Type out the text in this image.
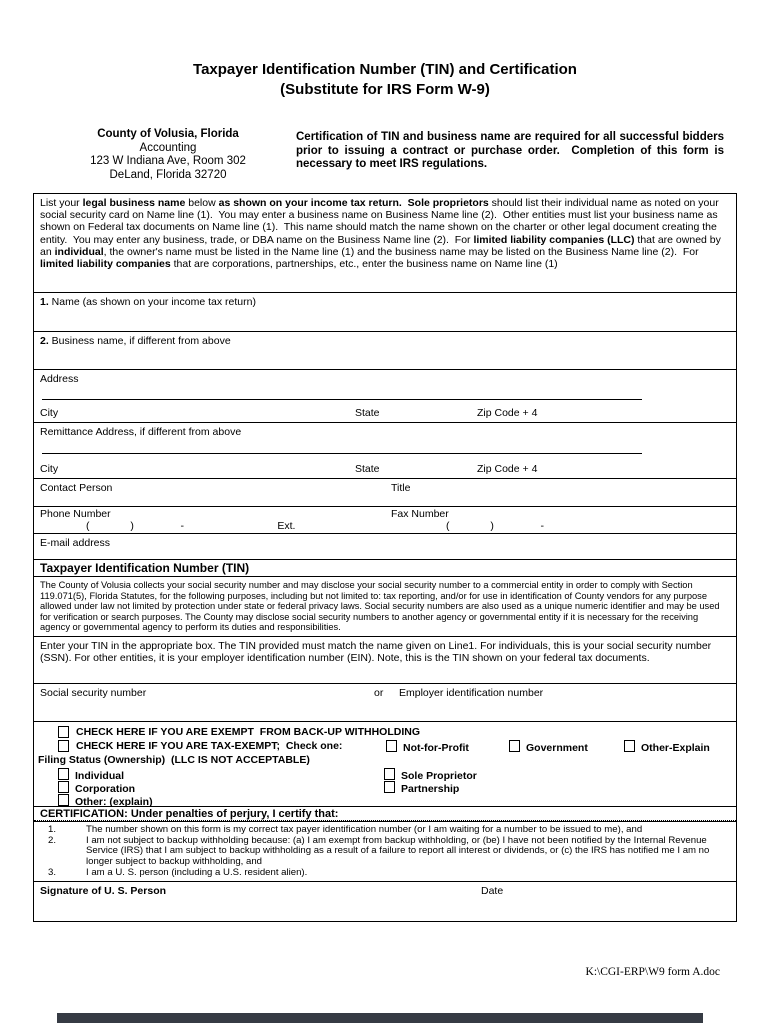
Taxpayer Identification Number (TIN) and Certification
(Substitute for IRS Form W-9)
County of Volusia, Florida
Accounting
123 W Indiana Ave, Room 302
DeLand, Florida 32720
Certification of TIN and business name are required for all successful bidders prior to issuing a contract or purchase order.  Completion of this form is necessary to meet IRS regulations.
List your legal business name below as shown on your income tax return.  Sole proprietors should list their individual name as noted on your social security card on Name line (1).  You may enter a business name on Business Name line (2).  Other entities must list your business name as shown on Federal tax documents on Name line (1).  This name should match the name shown on the charter or other legal document creating the entity.  You may enter any business, trade, or DBA name on the Business Name line (2).  For limited liability companies (LLC) that are owned by an individual, the owner's name must be listed in the Name line (1) and the business name may be listed on the Business Name line (2).  For limited liability companies that are corporations, partnerships, etc., enter the business name on Name line (1)
1. Name (as shown on your income tax return)
2. Business name, if different from above
Address
City	State	Zip Code + 4
Remittance Address, if different from above
City	State	Zip Code + 4
Contact Person	Title
Phone Number	Fax Number
(              )                -                                Ext.	(              )                -
E-mail address
Taxpayer Identification Number (TIN)
The County of Volusia collects your social security number and may disclose your social security number to a commercial entity in order to comply with Section 119.071(5), Florida Statutes, for the following purposes, including but not limited to: tax reporting, and/or for use in identification of County vendors for any purpose allowed under law not limited by protection under state or federal privacy laws. Social security numbers are also used as a unique numeric identifier and may be used for verification or search purposes. The County may disclose social security numbers to another agency or governmental entity if it is necessary for the receiving agency or governmental agency to perform its duties and responsibilities.
Enter your TIN in the appropriate box. The TIN provided must match the name given on Line1. For individuals, this is your social security number (SSN). For other entities, it is your employer identification number (EIN). Note, this is the TIN shown on your federal tax documents.
Social security number	or Employer identification number
CHECK HERE IF YOU ARE EXEMPT  FROM BACK-UP WITHHOLDING
CHECK HERE IF YOU ARE TAX-EXEMPT;  Check one:	Not-for-Profit	Government	Other-Explain
Filing Status (Ownership)  (LLC IS NOT ACCEPTABLE)
Individual	Sole Proprietor
Corporation	Partnership
Other: (explain)
CERTIFICATION: Under penalties of perjury, I certify that:
1.	The number shown on this form is my correct tax payer identification number (or I am waiting for a number to be issued to me), and
2.	I am not subject to backup withholding because: (a) I am exempt from backup withholding, or (be) I have not been notified by the Internal Revenue Service (IRS) that I am subject to backup withholding as a result of a failure to report all interest or dividends, or (c) the IRS has notified me I am no longer subject to backup withholding, and
3.	I am a U. S. person (including a U.S. resident alien).
Signature of U. S. Person	Date
K:\CGI-ERP\W9 form A.doc
